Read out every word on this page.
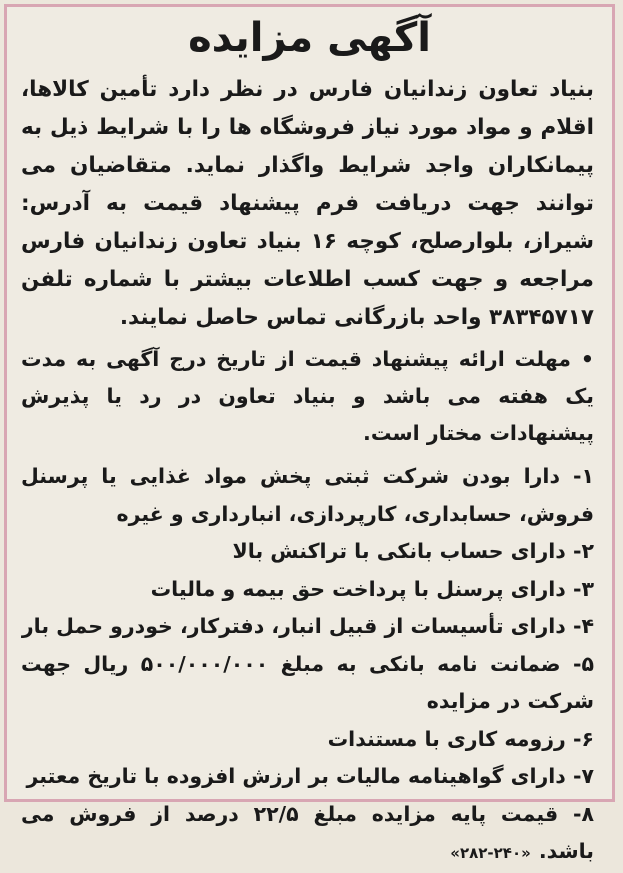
آگهی مزایده

بنیاد تعاون زندانیان فارس در نظر دارد تأمین کالاها، اقلام و مواد مورد نیاز فروشگاه ها را با شرایط ذیل به پیمانکاران واجد شرایط واگذار نماید. متقاضیان می توانند جهت دریافت فرم پیشنهاد قیمت به آدرس: شیراز، بلوارصلح، کوچه ۱۶ بنیاد تعاون زندانیان فارس مراجعه و جهت کسب اطلاعات بیشتر با شماره تلفن ۳۸۳۴۵۷۱۷ واحد بازرگانی تماس حاصل نمایند.

• مهلت ارائه پیشنهاد قیمت از تاریخ درج آگهی به مدت یک هفته می باشد و بنیاد تعاون در رد یا پذیرش پیشنهادات مختار است.

۱- دارا بودن شرکت ثبتی پخش مواد غذایی یا پرسنل فروش، حسابداری، کارپردازی، انبارداری و غیره
۲- دارای حساب بانکی با تراکنش بالا
۳- دارای پرسنل با پرداخت حق بیمه و مالیات
۴- دارای تأسیسات از قبیل انبار، دفترکار، خودرو حمل بار
۵- ضمانت نامه بانکی به مبلغ ۵۰۰/۰۰۰/۰۰۰ ریال جهت شرکت در مزایده
۶- رزومه کاری با مستندات
۷- دارای گواهینامه مالیات بر ارزش افزوده با تاریخ معتبر
۸- قیمت پایه مزایده مبلغ ۲۲/۵ درصد از فروش می باشد.«۲۸۲-۲۴۰»
